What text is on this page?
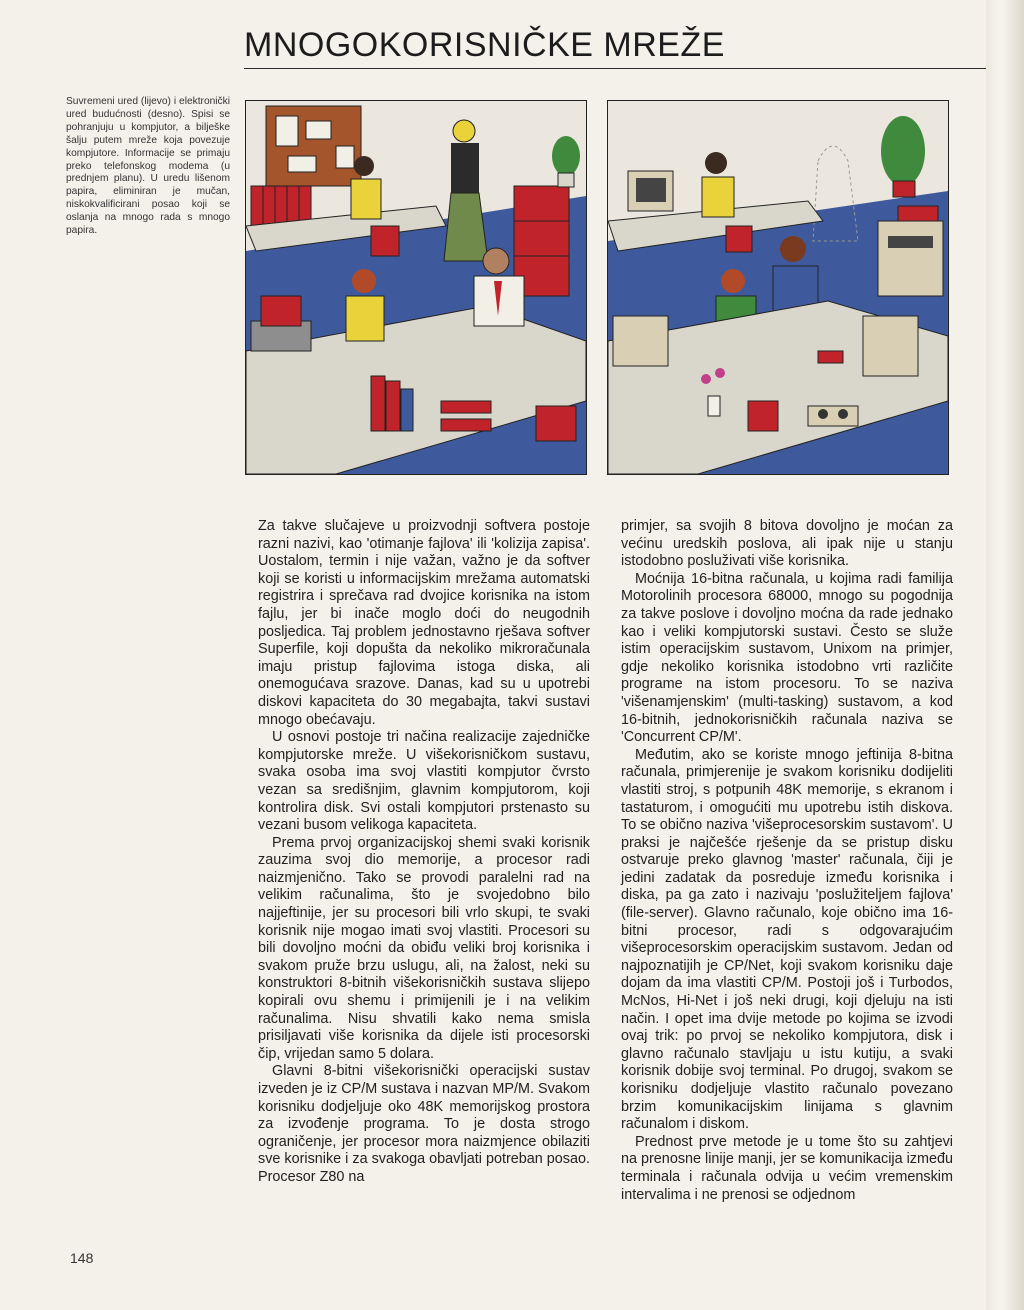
MNOGOKORISNIČKE MREŽE

Suvremeni ured (lijevo) i elektronički ured budućnosti (desno). Spisi se pohranjuju u kompjutor, a bilješke šalju putem mreže koja povezuje kompjutore. Informacije se primaju preko telefonskog modema (u prednjem planu). U uredu lišenom papira, eliminiran je mučan, niskokvalificirani posao koji se oslanja na mnogo rada s mnogo papira.

Za takve slučajeve u proizvodnji softvera postoje razni nazivi, kao 'otimanje fajlova' ili 'kolizija zapisa'. Uostalom, termin i nije važan, važno je da softver koji se koristi u informacijskim mrežama automatski registrira i sprečava rad dvojice korisnika na istom fajlu, jer bi inače moglo doći do neugodnih posljedica. Taj problem jednostavno rješava softver Superfile, koji dopušta da nekoliko mikroračunala imaju pristup fajlovima istoga diska, ali onemogućava srazove. Danas, kad su u upotrebi diskovi kapaciteta do 30 megabajta, takvi sustavi mnogo obećavaju.

U osnovi postoje tri načina realizacije zajedničke kompjutorske mreže. U višekorisničkom sustavu, svaka osoba ima svoj vlastiti kompjutor čvrsto vezan sa središnjim, glavnim kompjutorom, koji kontrolira disk. Svi ostali kompjutori prstenasto su vezani busom velikoga kapaciteta.

Prema prvoj organizacijskoj shemi svaki korisnik zauzima svoj dio memorije, a procesor radi naizmjenično. Tako se provodi paralelni rad na velikim računalima, što je svojedobno bilo najjeftinije, jer su procesori bili vrlo skupi, te svaki korisnik nije mogao imati svoj vlastiti. Procesori su bili dovoljno moćni da obiđu veliki broj korisnika i svakom pruže brzu uslugu, ali, na žalost, neki su konstruktori 8-bitnih višekorisničkih sustava slijepo kopirali ovu shemu i primijenili je i na velikim računalima. Nisu shvatili kako nema smisla prisiljavati više korisnika da dijele isti procesorski čip, vrijedan samo 5 dolara.

Glavni 8-bitni višekorisnički operacijski sustav izveden je iz CP/M sustava i nazvan MP/M. Svakom korisniku dodjeljuje oko 48K memorijskog prostora za izvođenje programa. To je dosta strogo ograničenje, jer procesor mora naizmjence obilaziti sve korisnike i za svakoga obavljati potreban posao. Procesor Z80 na

primjer, sa svojih 8 bitova dovoljno je moćan za većinu uredskih poslova, ali ipak nije u stanju istodobno posluživati više korisnika.

Moćnija 16-bitna računala, u kojima radi familija Motorolinih procesora 68000, mnogo su pogodnija za takve poslove i dovoljno moćna da rade jednako kao i veliki kompjutorski sustavi. Često se služe istim operacijskim sustavom, Unixom na primjer, gdje nekoliko korisnika istodobno vrti različite programe na istom procesoru. To se naziva 'višenamjenskim' (multi-tasking) sustavom, a kod 16-bitnih, jednokorisničkih računala naziva se 'Concurrent CP/M'.

Međutim, ako se koriste mnogo jeftinija 8-bitna računala, primjerenije je svakom korisniku dodijeliti vlastiti stroj, s potpunih 48K memorije, s ekranom i tastaturom, i omogućiti mu upotrebu istih diskova. To se obično naziva 'višeprocesorskim sustavom'. U praksi je najčešće rješenje da se pristup disku ostvaruje preko glavnog 'master' računala, čiji je jedini zadatak da posreduje između korisnika i diska, pa ga zato i nazivaju 'poslužiteljem fajlova' (file-server). Glavno računalo, koje obično ima 16-bitni procesor, radi s odgovarajućim višeprocesorskim operacijskim sustavom. Jedan od najpoznatijih je CP/Net, koji svakom korisniku daje dojam da ima vlastiti CP/M. Postoji još i Turbodos, McNos, Hi-Net i još neki drugi, koji djeluju na isti način. I opet ima dvije metode po kojima se izvodi ovaj trik: po prvoj se nekoliko kompjutora, disk i glavno računalo stavljaju u istu kutiju, a svaki korisnik dobije svoj terminal. Po drugoj, svakom se korisniku dodjeljuje vlastito računalo povezano brzim komunikacijskim linijama s glavnim računalom i diskom.

Prednost prve metode je u tome što su zahtjevi na prenosne linije manji, jer se komunikacija između terminala i računala odvija u većim vremenskim intervalima i ne prenosi se odjednom

148
